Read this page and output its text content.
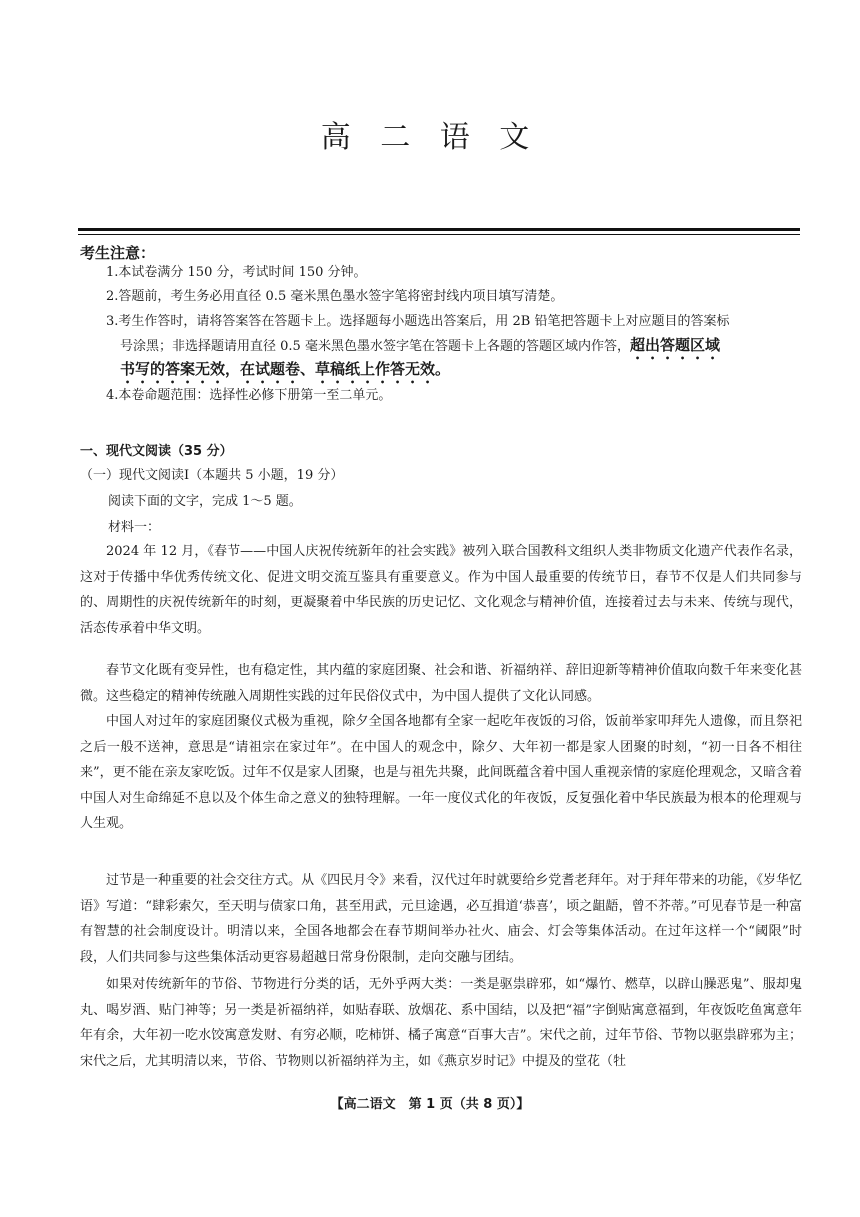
高 二 语 文
考生注意：
1.本试卷满分 150 分，考试时间 150 分钟。
2.答题前，考生务必用直径 0.5 毫米黑色墨水签字笔将密封线内项目填写清楚。
3.考生作答时，请将答案答在答题卡上。选择题每小题选出答案后，用 2B 铅笔把答题卡上对应题目的答案标
号涂黑；非选择题请用直径 0.5 毫米黑色墨水签字笔在答题卡上各题的答题区域内作答，超出答题区域
书写的答案无效，在试题卷、草稿纸上作答无效。
4.本卷命题范围：选择性必修下册第一至二单元。
一、现代文阅读（35 分）
（一）现代文阅读Ⅰ（本题共 5 小题，19 分）
阅读下面的文字，完成 1～5 题。
材料一：

2024 年 12 月，《春节——中国人庆祝传统新年的社会实践》被列入联合国教科文组织人类非物质文化遗产代表作名录，这对于传播中华优秀传统文化、促进文明交流互鉴具有重要意义。作为中国人最重要的传统节日，春节不仅是人们共同参与的、周期性的庆祝传统新年的时刻，更凝聚着中华民族的历史记忆、文化观念与精神价值，连接着过去与未来、传统与现代，活态传承着中华文明。

春节文化既有变异性，也有稳定性，其内蕴的家庭团聚、社会和谐、祈福纳祥、辞旧迎新等精神价值取向数千年来变化甚微。这些稳定的精神传统融入周期性实践的过年民俗仪式中，为中国人提供了文化认同感。

中国人对过年的家庭团聚仪式极为重视，除夕全国各地都有全家一起吃年夜饭的习俗，饭前举家叩拜先人遗像，而且祭祀之后一般不送神，意思是“请祖宗在家过年”。在中国人的观念中，除夕、大年初一都是家人团聚的时刻，“初一日各不相往来”，更不能在亲友家吃饭。过年不仅是家人团聚，也是与祖先共聚，此间既蕴含着中国人重视亲情的家庭伦理观念，又暗含着中国人对生命绵延不息以及个体生命之意义的独特理解。一年一度仪式化的年夜饭，反复强化着中华民族最为根本的伦理观与人生观。

过节是一种重要的社会交往方式。从《四民月令》来看，汉代过年时就要给乡党耆老拜年。对于拜年带来的功能，《岁华忆语》写道：“肆彩索欠，至天明与债家口角，甚至用武，元旦途遇，必互揖道‘恭喜’，顷之龃龉，曾不芥蒂。”可见春节是一种富有智慧的社会制度设计。明清以来，全国各地都会在春节期间举办社火、庙会、灯会等集体活动。在过年这样一个“阈限”时段，人们共同参与这些集体活动更容易超越日常身份限制，走向交融与团结。

如果对传统新年的节俗、节物进行分类的话，无外乎两大类：一类是驱祟辟邪，如“爆竹、燃草，以辟山臊恶鬼”、服却鬼丸、喝岁酒、贴门神等；另一类是祈福纳祥，如贴春联、放烟花、系中国结，以及把“福”字倒贴寓意福到，年夜饭吃鱼寓意年年有余，大年初一吃水饺寓意发财、有穷必顺，吃柿饼、橘子寓意“百事大吉”。宋代之前，过年节俗、节物以驱祟辟邪为主；宋代之后，尤其明清以来，节俗、节物则以祈福纳祥为主，如《燕京岁时记》中提及的堂花（牡

【高二语文　第 1 页（共 8 页）】
